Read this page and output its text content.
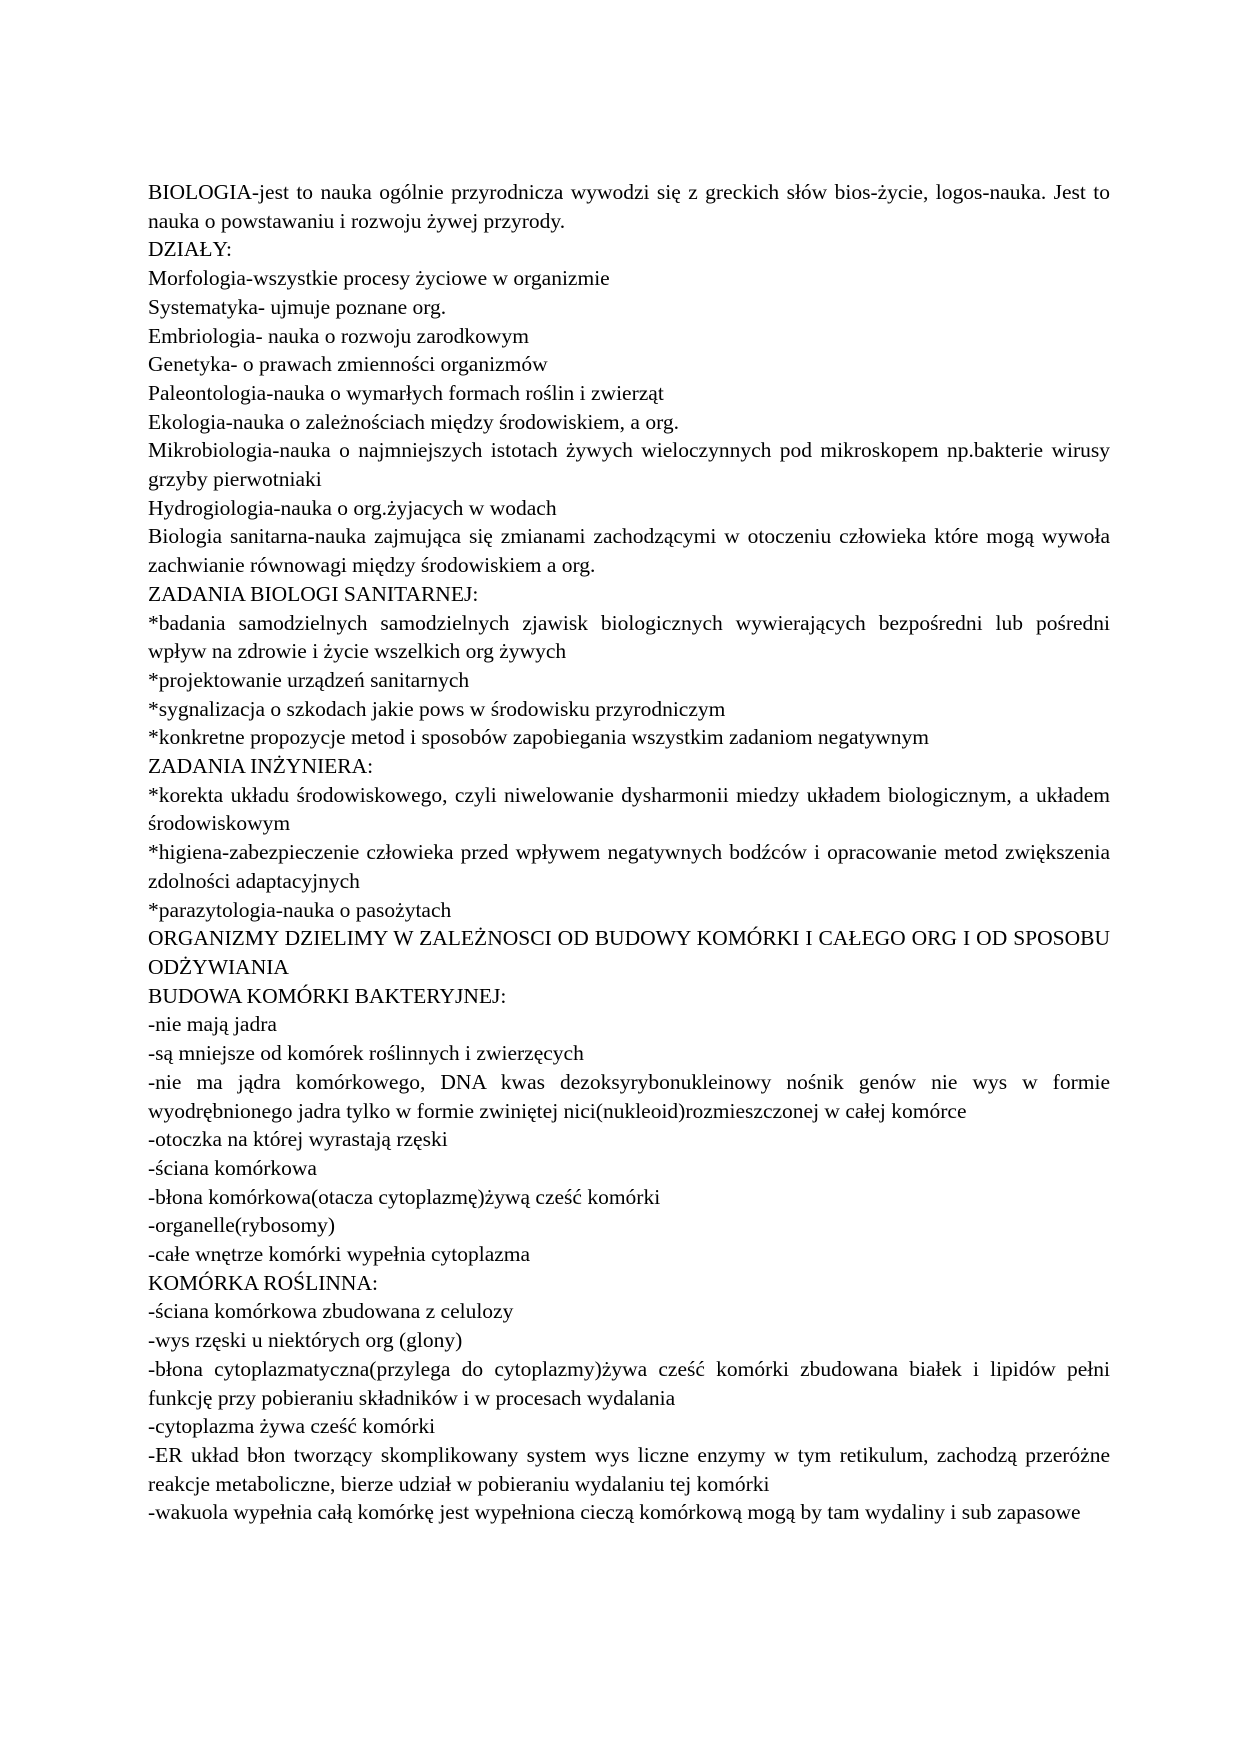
BIOLOGIA-jest to nauka ogólnie przyrodnicza wywodzi się z greckich słów bios-życie, logos-nauka. Jest to nauka o powstawaniu i rozwoju żywej przyrody.

DZIAŁY:

Morfologia-wszystkie procesy życiowe w organizmie

Systematyka- ujmuje poznane org.

Embriologia- nauka o rozwoju zarodkowym

Genetyka- o prawach zmienności organizmów

Paleontologia-nauka o wymarłych formach roślin i zwierząt

Ekologia-nauka o zależnościach między środowiskiem, a org.

Mikrobiologia-nauka o najmniejszych istotach żywych wieloczynnych pod mikroskopem np.bakterie wirusy grzyby pierwotniaki

Hydrogiologia-nauka o org.żyjacych w wodach

Biologia sanitarna-nauka zajmująca się zmianami zachodzącymi w otoczeniu człowieka które mogą wywoła zachwianie równowagi między środowiskiem a org.

ZADANIA BIOLOGI SANITARNEJ:

*badania samodzielnych samodzielnych zjawisk biologicznych wywierających bezpośredni lub pośredni wpływ na zdrowie i życie wszelkich org żywych

*projektowanie urządzeń sanitarnych

*sygnalizacja o szkodach jakie pows w środowisku przyrodniczym

*konkretne propozycje metod i sposobów zapobiegania wszystkim zadaniom negatywnym

ZADANIA INŻYNIERA:

*korekta układu środowiskowego, czyli niwelowanie dysharmonii miedzy układem biologicznym, a układem środowiskowym

*higiena-zabezpieczenie człowieka przed wpływem negatywnych bodźców i opracowanie metod zwiększenia zdolności adaptacyjnych

*parazytologia-nauka o pasożytach

ORGANIZMY DZIELIMY W ZALEŻNOSCI OD BUDOWY KOMÓRKI I CAŁEGO ORG I OD SPOSOBU ODŻYWIANIA

BUDOWA KOMÓRKI BAKTERYJNEJ:

-nie mają jadra

-są mniejsze od komórek roślinnych i zwierzęcych

-nie ma jądra komórkowego, DNA kwas dezoksyrybonukleinowy nośnik genów nie wys w formie wyodrębnionego jadra tylko w formie zwiniętej nici(nukleoid)rozmieszczonej w całej komórce

-otoczka na której wyrastają rzęski

-ściana komórkowa

-błona komórkowa(otacza cytoplazmę)żywą cześć komórki

-organelle(rybosomy)

-całe wnętrze komórki wypełnia cytoplazma

KOMÓRKA ROŚLINNA:

-ściana komórkowa zbudowana z celulozy

-wys rzęski u niektórych org (glony)

-błona cytoplazmatyczna(przylega do cytoplazmy)żywa cześć komórki zbudowana białek i lipidów pełni funkcję przy pobieraniu składników i w procesach wydalania

-cytoplazma żywa cześć komórki

-ER układ błon tworzący skomplikowany system wys liczne enzymy w tym retikulum, zachodzą przeróżne reakcje metaboliczne, bierze udział w pobieraniu wydalaniu tej komórki

-wakuola wypełnia całą komórkę jest wypełniona cieczą komórkową mogą by tam wydaliny i sub zapasowe
